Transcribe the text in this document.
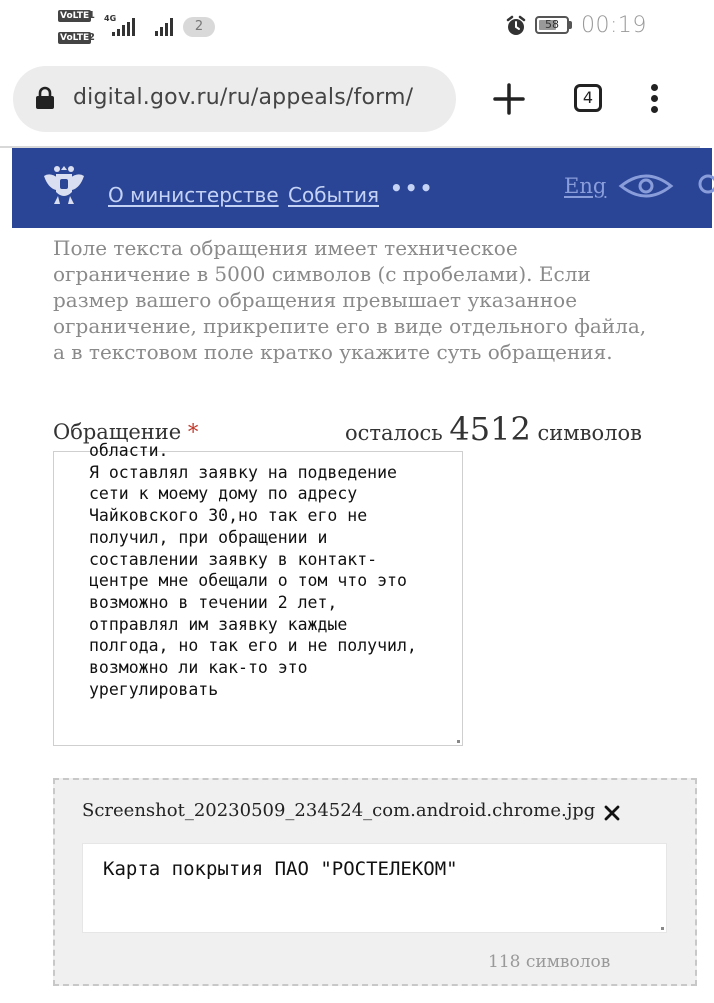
VoLTE
1
VoLTE
2
4G
2	58	00:19
digital.gov.ru/ru/appeals/form/	4
О министерстве События •••	Eng
Поле текста обращения имеет техническое ограничение в 5000 символов (с пробелами). Если размер вашего обращения превышает указанное ограничение, прикрепите его в виде отдельного файла, а в текстовом поле кратко укажите суть обращения.
Обращение *	осталось 4512 символов
области.
Я оставлял заявку на подведение сети к моему дому по адресу Чайковского 30,но так его не получил, при обращении и составлении заявку в контакт-центре мне обещали о том что это возможно в течении 2 лет, отправлял им заявку каждые полгода, но так его и не получил, возможно ли как-то это урегулировать
Screenshot_20230509_234524_com.android.chrome.jpg
Карта покрытия ПАО "РОСТЕЛЕКОМ"
118 символов
